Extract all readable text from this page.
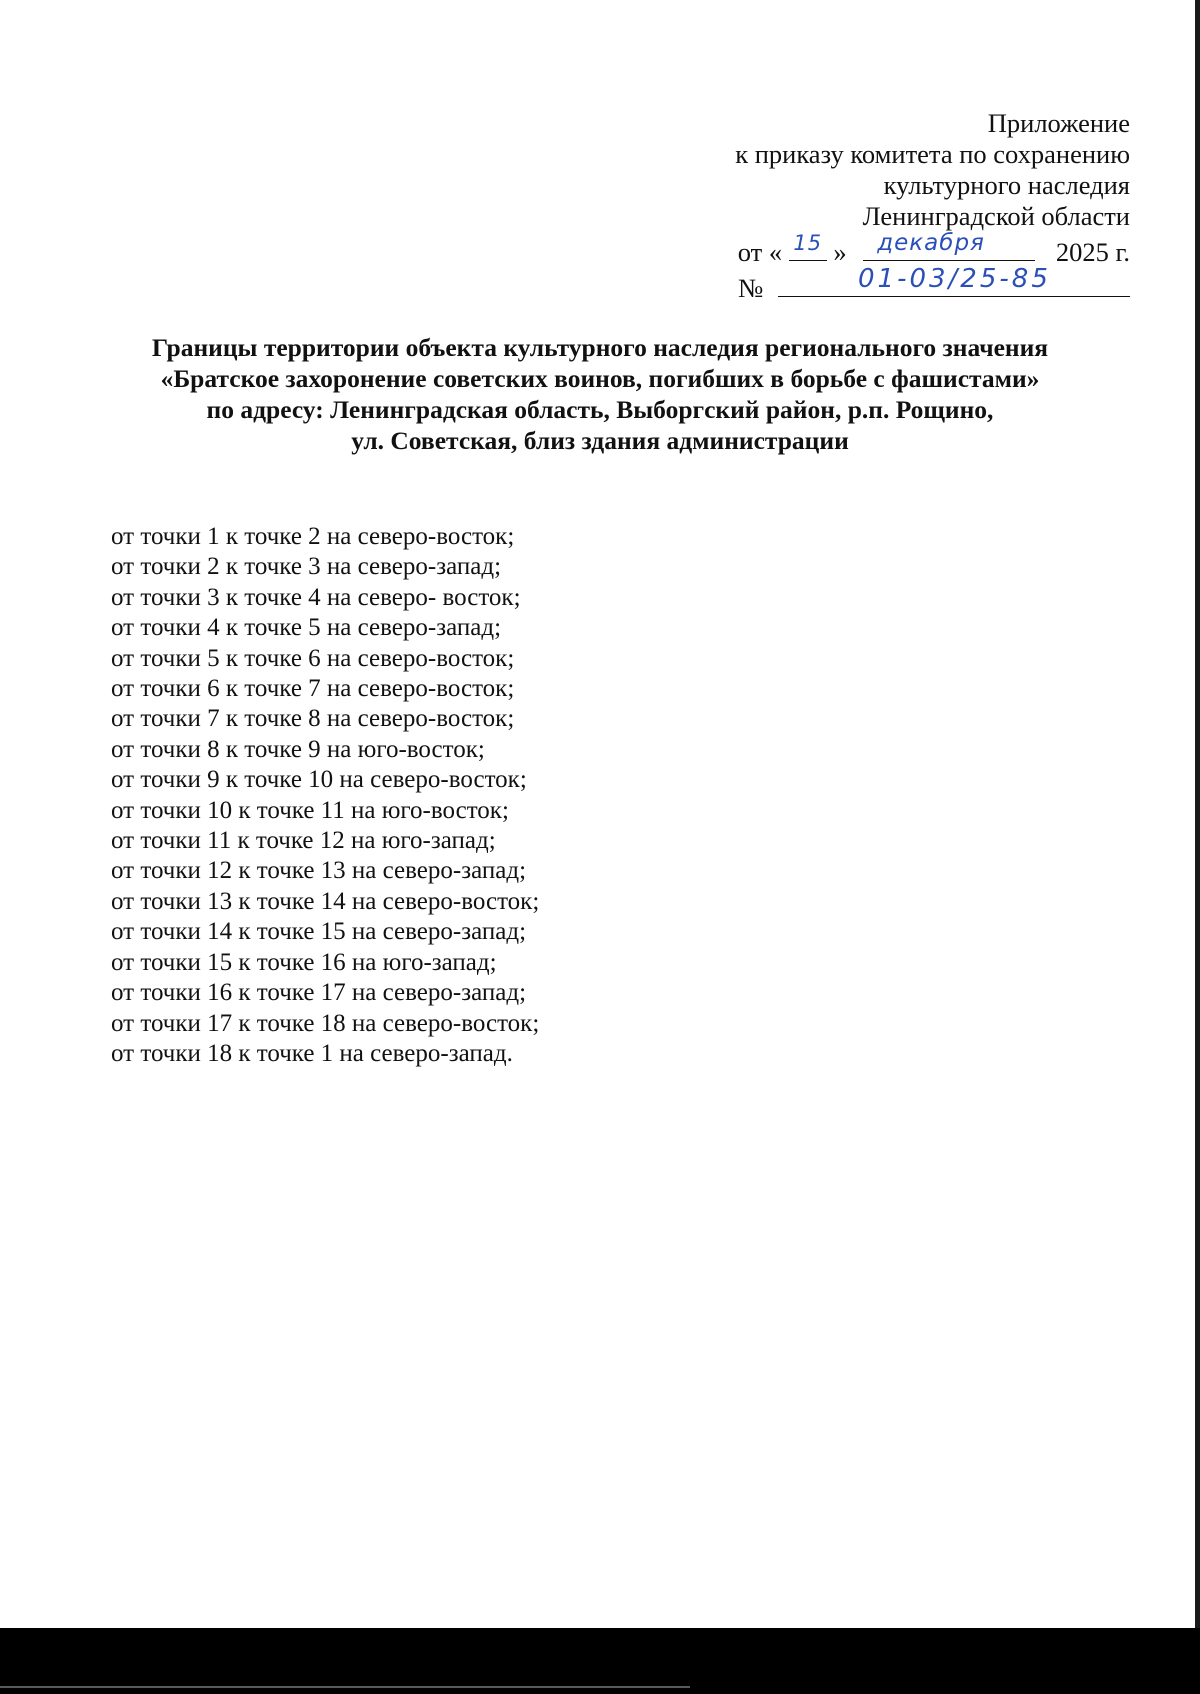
Приложение
к приказу комитета по сохранению
культурного наследия
Ленинградской области
от « 15 »	декабря	2025 г.
№	01-03/25-85
Границы территории объекта культурного наследия регионального значения
«Братское захоронение советских воинов, погибших в борьбе с фашистами»
по адресу: Ленинградская область, Выборгский район, р.п. Рощино,
ул. Советская, близ здания администрации
от точки 1 к точке 2 на северо-восток;
от точки 2 к точке 3 на северо-запад;
от точки 3 к точке 4 на северо- восток;
от точки 4 к точке 5 на северо-запад;
от точки 5 к точке 6 на северо-восток;
от точки 6 к точке 7 на северо-восток;
от точки 7 к точке 8 на северо-восток;
от точки 8 к точке 9 на юго-восток;
от точки 9 к точке 10 на северо-восток;
от точки 10 к точке 11 на юго-восток;
от точки 11 к точке 12 на юго-запад;
от точки 12 к точке 13 на северо-запад;
от точки 13 к точке 14 на северо-восток;
от точки 14 к точке 15 на северо-запад;
от точки 15 к точке 16 на юго-запад;
от точки 16 к точке 17 на северо-запад;
от точки 17 к точке 18 на северо-восток;
от точки 18 к точке 1 на северо-запад.
